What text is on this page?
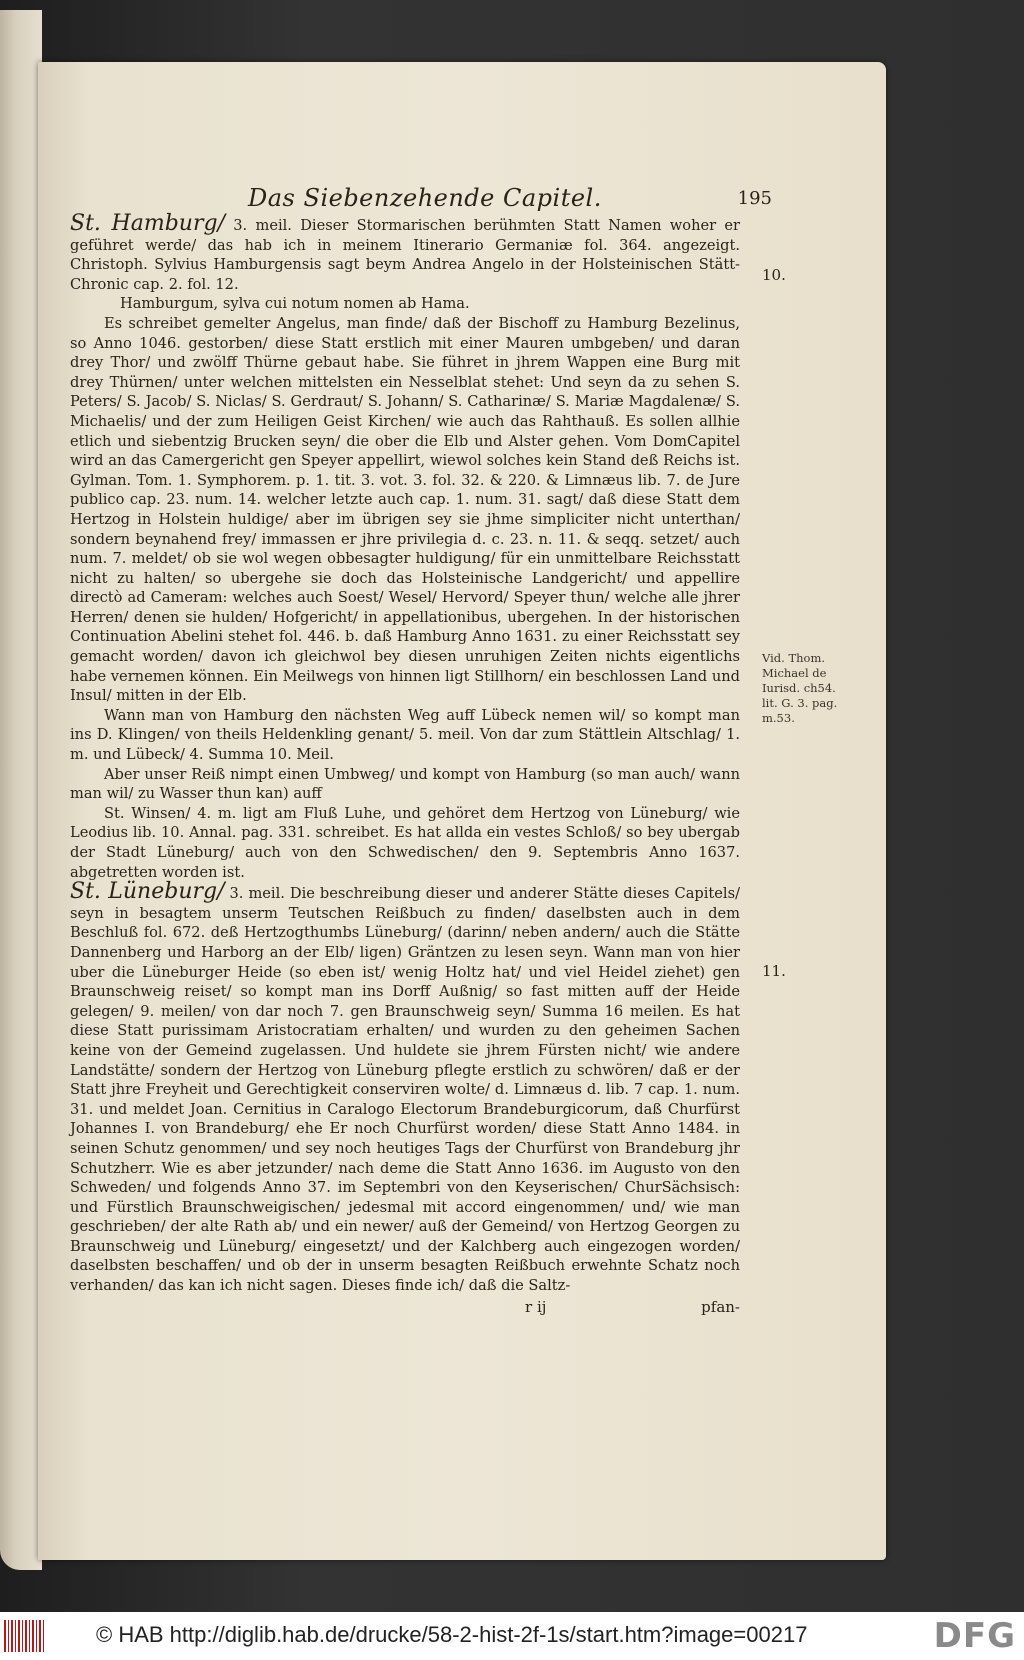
Das Siebenzehende Capitel.	195

St. Hamburg/ 3. meil. Dieser Stormarischen berühmten Statt Namen woher er geführet werde/ das hab ich in meinem Itinerario Germaniæ fol. 364. angezeigt. Christoph. Sylvius Hamburgensis sagt beym Andrea Angelo in der Holsteinischen Stätt-Chronic cap. 2. fol. 12.

Hamburgum, sylva cui notum nomen ab Hama.

Es schreibet gemelter Angelus, man finde/ daß der Bischoff zu Hamburg Bezelinus, so Anno 1046. gestorben/ diese Statt erstlich mit einer Mauren umbgeben/ und daran drey Thor/ und zwölff Thürne gebaut habe. Sie führet in jhrem Wappen eine Burg mit drey Thürnen/ unter welchen mittelsten ein Nesselblat stehet: Und seyn da zu sehen S. Peters/ S. Jacob/ S. Niclas/ S. Gerdraut/ S. Johann/ S. Catharinæ/ S. Mariæ Magdalenæ/ S. Michaelis/ und der zum Heiligen Geist Kirchen/ wie auch das Rahthauß. Es sollen allhie etlich und siebentzig Brucken seyn/ die ober die Elb und Alster gehen. Vom DomCapitel wird an das Camergericht gen Speyer appellirt, wiewol solches kein Stand deß Reichs ist. Gylman. Tom. 1. Symphorem. p. 1. tit. 3. vot. 3. fol. 32. & 220. & Limnæus lib. 7. de Jure publico cap. 23. num. 14. welcher letzte auch cap. 1. num. 31. sagt/ daß diese Statt dem Hertzog in Holstein huldige/ aber im übrigen sey sie jhme simpliciter nicht unterthan/ sondern beynahend frey/ immassen er jhre privilegia d. c. 23. n. 11. & seqq. setzet/ auch num. 7. meldet/ ob sie wol wegen obbesagter huldigung/ für ein unmittelbare Reichsstatt nicht zu halten/ so ubergehe sie doch das Holsteinische Landgericht/ und appellire directò ad Cameram: welches auch Soest/ Wesel/ Hervord/ Speyer thun/ welche alle jhrer Herren/ denen sie hulden/ Hofgericht/ in appellationibus, ubergehen. In der historischen Continuation Abelini stehet fol. 446. b. daß Hamburg Anno 1631. zu einer Reichsstatt sey gemacht worden/ davon ich gleichwol bey diesen unruhigen Zeiten nichts eigentlichs habe vernemen können. Ein Meilwegs von hinnen ligt Stillhorn/ ein beschlossen Land und Insul/ mitten in der Elb.

Wann man von Hamburg den nächsten Weg auff Lübeck nemen wil/ so kompt man ins D. Klingen/ von theils Heldenkling genant/ 5. meil. Von dar zum Stättlein Altschlag/ 1. m. und Lübeck/ 4. Summa 10. Meil.

Aber unser Reiß nimpt einen Umbweg/ und kompt von Hamburg (so man auch/ wann man wil/ zu Wasser thun kan) auff

St. Winsen/ 4. m. ligt am Fluß Luhe, und gehöret dem Hertzog von Lüneburg/ wie Leodius lib. 10. Annal. pag. 331. schreibet. Es hat allda ein vestes Schloß/ so bey ubergab der Stadt Lüneburg/ auch von den Schwedischen/ den 9. Septembris Anno 1637. abgetretten worden ist.

St. Lüneburg/ 3. meil. Die beschreibung dieser und anderer Stätte dieses Capitels/ seyn in besagtem unserm Teutschen Reißbuch zu finden/ daselbsten auch in dem Beschluß fol. 672. deß Hertzogthumbs Lüneburg/ (darinn/ neben andern/ auch die Stätte Dannenberg und Harborg an der Elb/ ligen) Gräntzen zu lesen seyn. Wann man von hier uber die Lüneburger Heide (so eben ist/ wenig Holtz hat/ und viel Heidel ziehet) gen Braunschweig reiset/ so kompt man ins Dorff Außnig/ so fast mitten auff der Heide gelegen/ 9. meilen/ von dar noch 7. gen Braunschweig seyn/ Summa 16 meilen. Es hat diese Statt purissimam Aristocratiam erhalten/ und wurden zu den geheimen Sachen keine von der Gemeind zugelassen. Und huldete sie jhrem Fürsten nicht/ wie andere Landstätte/ sondern der Hertzog von Lüneburg pflegte erstlich zu schwören/ daß er der Statt jhre Freyheit und Gerechtigkeit conserviren wolte/ d. Limnæus d. lib. 7 cap. 1. num. 31. und meldet Joan. Cernitius in Caralogo Electorum Brandeburgicorum, daß Churfürst Johannes I. von Brandeburg/ ehe Er noch Churfürst worden/ diese Statt Anno 1484. in seinen Schutz genommen/ und sey noch heutiges Tags der Churfürst von Brandeburg jhr Schutzherr. Wie es aber jetzunder/ nach deme die Statt Anno 1636. im Augusto von den Schweden/ und folgends Anno 37. im Septembri von den Keyserischen/ ChurSächsisch: und Fürstlich Braunschweigischen/ jedesmal mit accord eingenommen/ und/ wie man geschrieben/ der alte Rath ab/ und ein newer/ auß der Gemeind/ von Hertzog Georgen zu Braunschweig und Lüneburg/ eingesetzt/ und der Kalchberg auch eingezogen worden/ daselbsten beschaffen/ und ob der in unserm besagten Reißbuch erwehnte Schatz noch verhanden/ das kan ich nicht sagen. Dieses finde ich/ daß die Saltz-

r ij	pfan-
10.
Vid. Thom. Michael de Iurisd. ch54. lit. G. 3. pag. m.53.
11.
© HAB http://diglib.hab.de/drucke/58-2-hist-2f-1s/start.htm?image=00217	DFG
